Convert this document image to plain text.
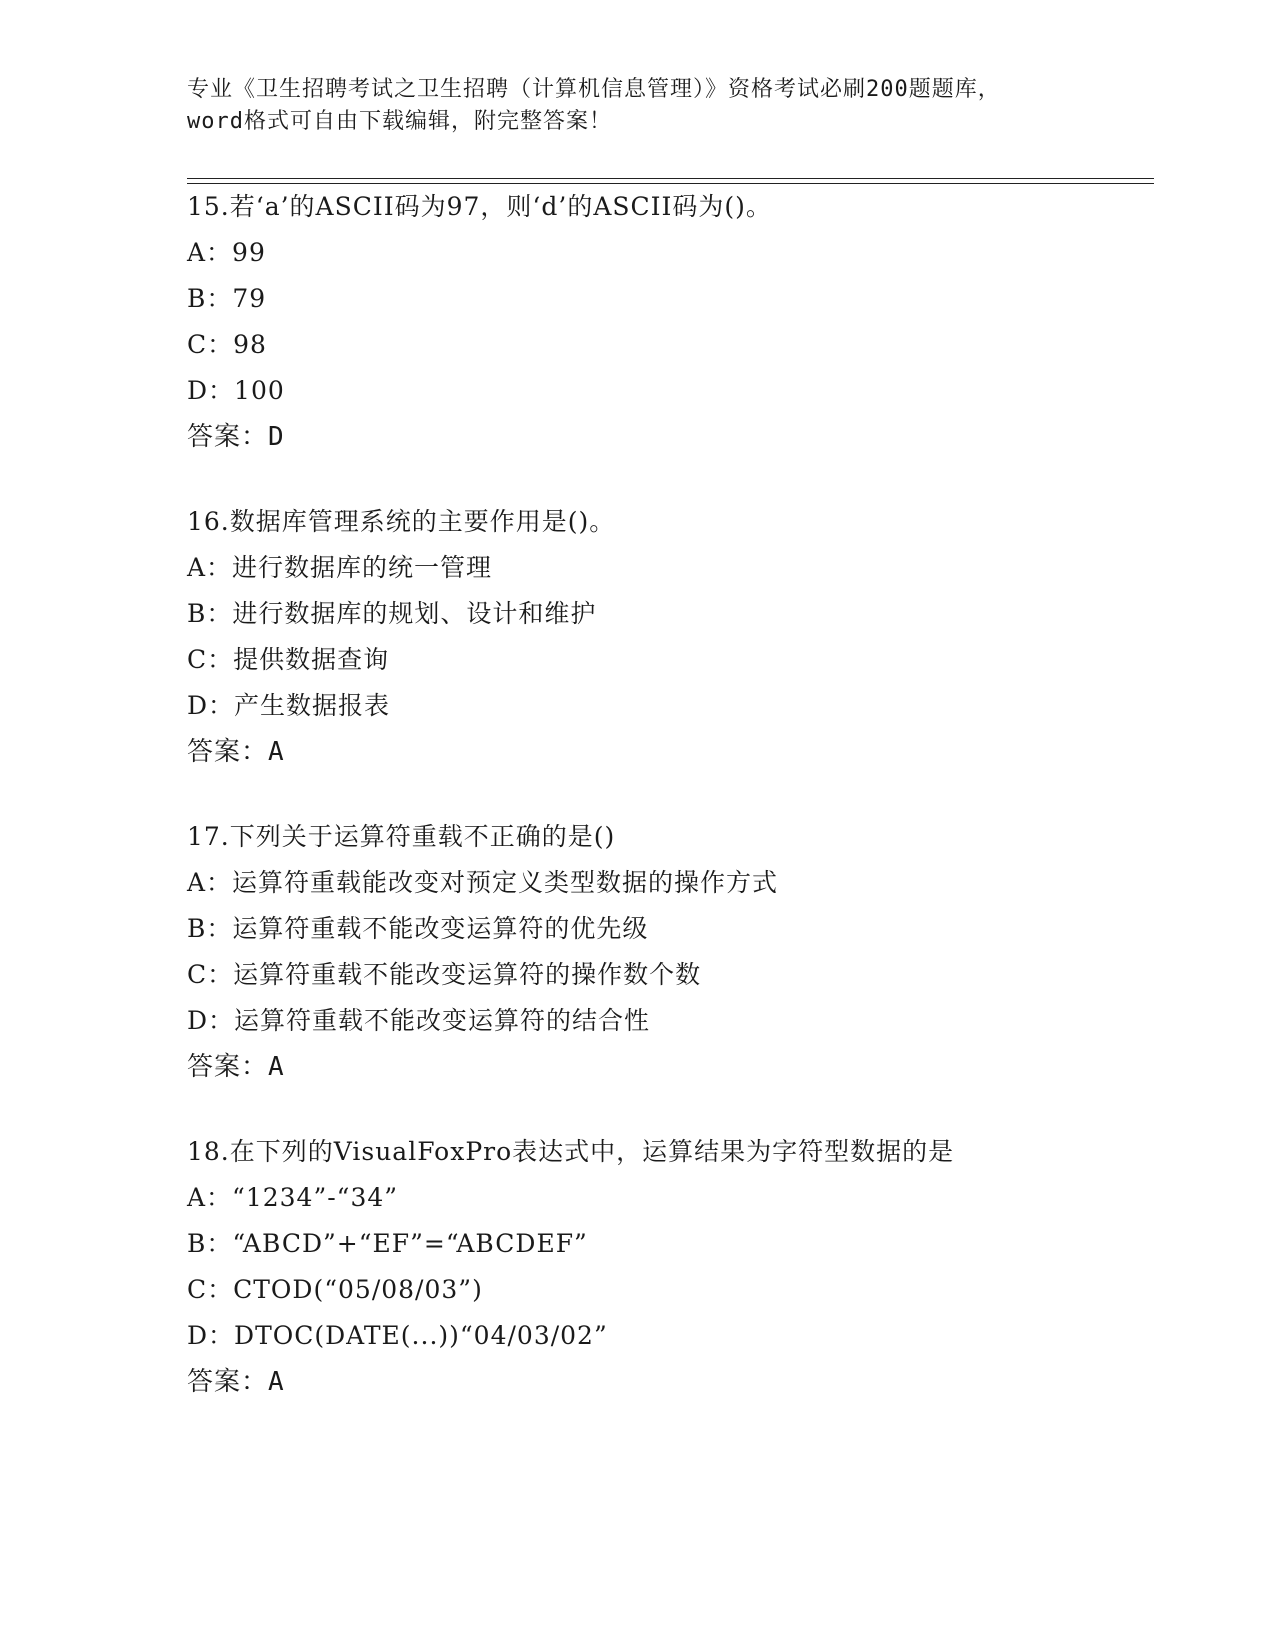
专业《卫生招聘考试之卫生招聘（计算机信息管理）》资格考试必刷200题题库，
word格式可自由下载编辑，附完整答案！
15.若‘a’的ASCII码为97，则‘d’的ASCII码为()。
A：99
B：79
C：98
D：100
答案：D
16.数据库管理系统的主要作用是()。
A：进行数据库的统一管理
B：进行数据库的规划、设计和维护
C：提供数据查询
D：产生数据报表
答案：A
17.下列关于运算符重载不正确的是()
A：运算符重载能改变对预定义类型数据的操作方式
B：运算符重载不能改变运算符的优先级
C：运算符重载不能改变运算符的操作数个数
D：运算符重载不能改变运算符的结合性
答案：A
18.在下列的VisualFoxPro表达式中，运算结果为字符型数据的是
A：“1234”-“34”
B：“ABCD”+“EF”=“ABCDEF”
C：CTOD(“05/08/03”)
D：DTOC(DATE(...))“04/03/02”
答案：A
